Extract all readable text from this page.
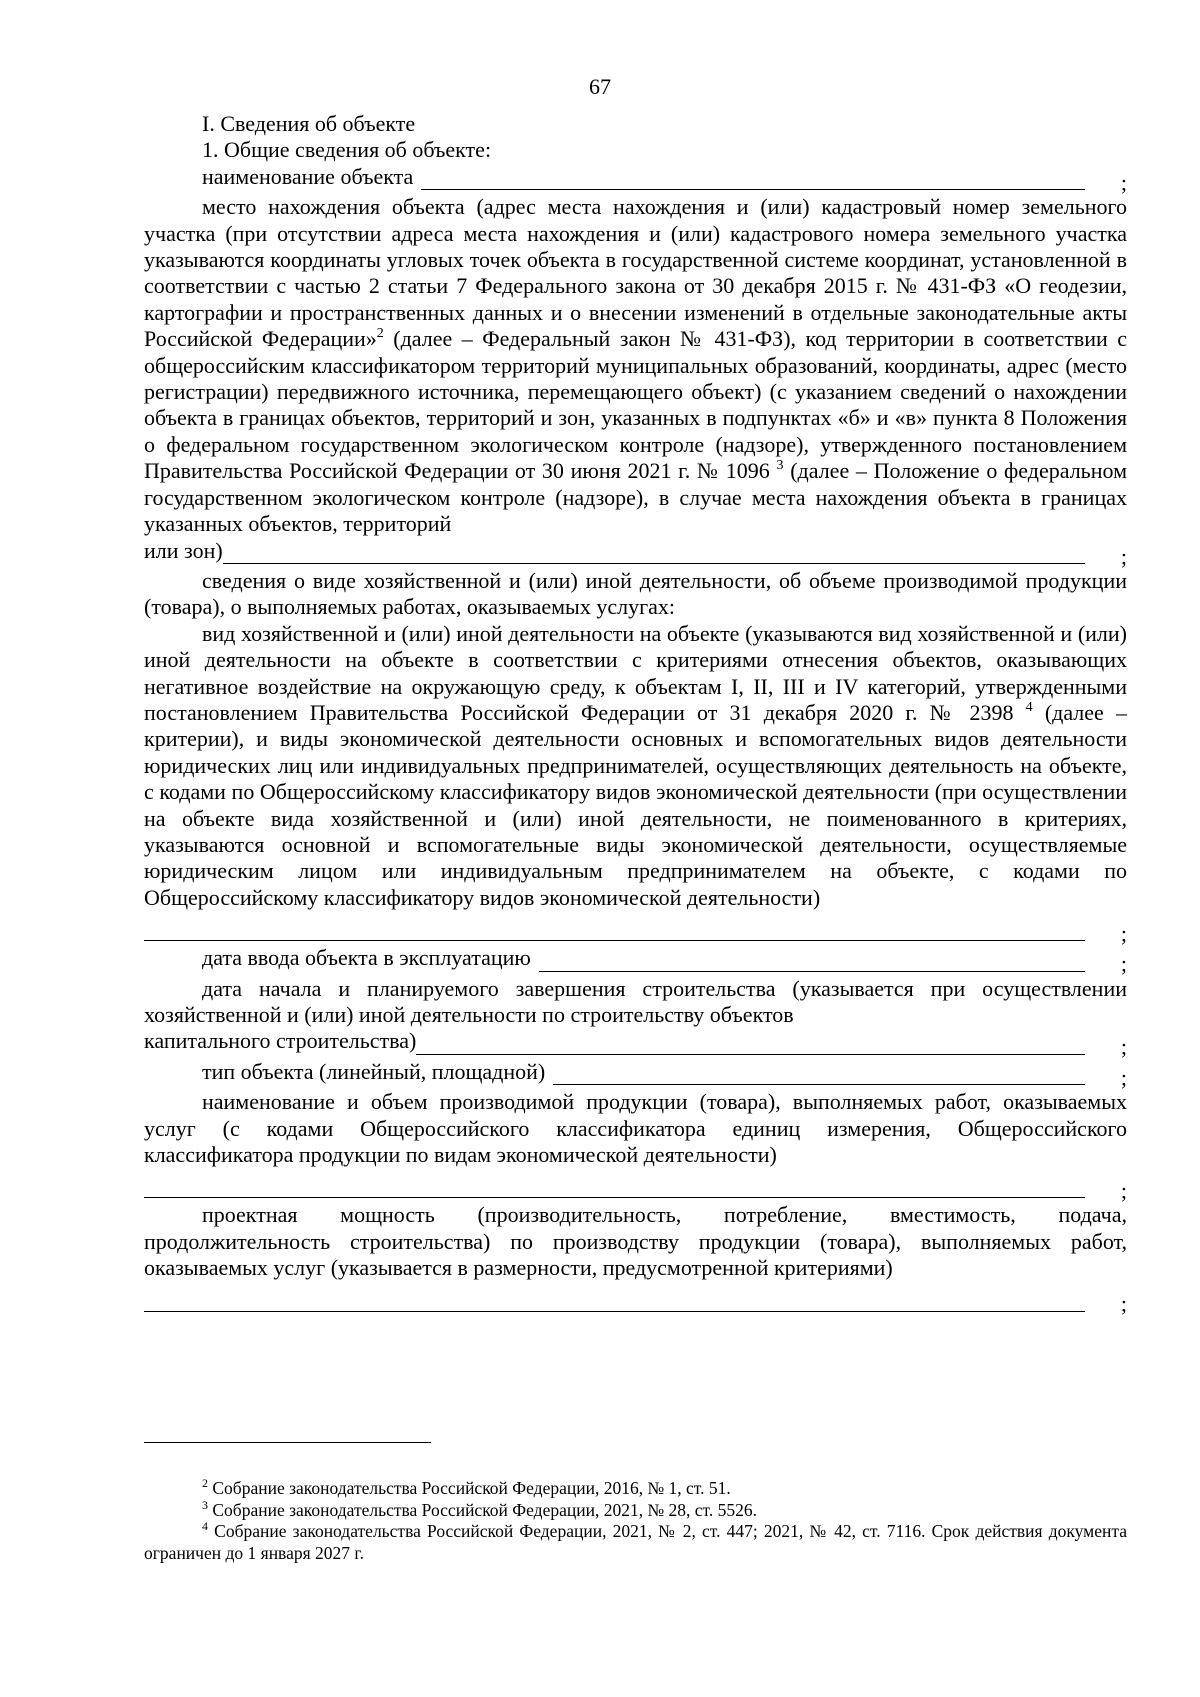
67

I. Сведения об объекте

1. Общие сведения об объекте:

наименование объекта	;

место нахождения объекта (адрес места нахождения и (или) кадастровый номер земельного участка (при отсутствии адреса места нахождения и (или) кадастрового номера земельного участка указываются координаты угловых точек объекта в государственной системе координат, установленной в соответствии с частью 2 статьи 7 Федерального закона от 30 декабря 2015 г. № 431-ФЗ «О геодезии, картографии и пространственных данных и о внесении изменений в отдельные законодательные акты Российской Федерации»$^2$ (далее – Федеральный закон № 431-ФЗ), код территории в соответствии с общероссийским классификатором территорий муниципальных образований, координаты, адрес (место регистрации) передвижного источника, перемещающего объект) (с указанием сведений о нахождении объекта в границах объектов, территорий и зон, указанных в подпунктах «б» и «в» пункта 8 Положения о федеральном государственном экологическом контроле (надзоре), утвержденного постановлением Правительства Российской Федерации от 30 июня 2021 г. № 1096 $^3$ (далее – Положение о федеральном государственном экологическом контроле (надзоре), в случае места нахождения объекта в границах указанных объектов, территорий

или зон)	;

сведения о виде хозяйственной и (или) иной деятельности, об объеме производимой продукции (товара), о выполняемых работах, оказываемых услугах:

вид хозяйственной и (или) иной деятельности на объекте (указываются вид хозяйственной и (или) иной деятельности на объекте в соответствии с критериями отнесения объектов, оказывающих негативное воздействие на окружающую среду, к объектам I, II, III и IV категорий, утвержденными постановлением Правительства Российской Федерации от 31 декабря 2020 г. № 2398 $^4$ (далее – критерии), и виды экономической деятельности основных и вспомогательных видов деятельности юридических лиц или индивидуальных предпринимателей, осуществляющих деятельность на объекте, с кодами по Общероссийскому классификатору видов экономической деятельности (при осуществлении на объекте вида хозяйственной и (или) иной деятельности, не поименованного в критериях, указываются основной и вспомогательные виды экономической деятельности, осуществляемые юридическим лицом или индивидуальным предпринимателем на объекте, с кодами по Общероссийскому классификатору видов экономической деятельности)

;
дата ввода объекта в эксплуатацию	;

дата начала и планируемого завершения строительства (указывается при осуществлении хозяйственной и (или) иной деятельности по строительству объектов

капитального строительства)	;
тип объекта (линейный, площадной)	;

наименование и объем производимой продукции (товара), выполняемых работ, оказываемых услуг (с кодами Общероссийского классификатора единиц измерения, Общероссийского классификатора продукции по видам экономической деятельности)

;

проектная мощность (производительность, потребление, вместимость, подача, продолжительность строительства) по производству продукции (товара), выполняемых работ, оказываемых услуг (указывается в размерности, предусмотренной критериями)

;

$^2$ Собрание законодательства Российской Федерации, 2016, № 1, ст. 51.

$^3$ Собрание законодательства Российской Федерации, 2021, № 28, ст. 5526.

$^4$ Собрание законодательства Российской Федерации, 2021, № 2, ст. 447; 2021, № 42, ст. 7116. Срок действия документа ограничен до 1 января 2027 г.
